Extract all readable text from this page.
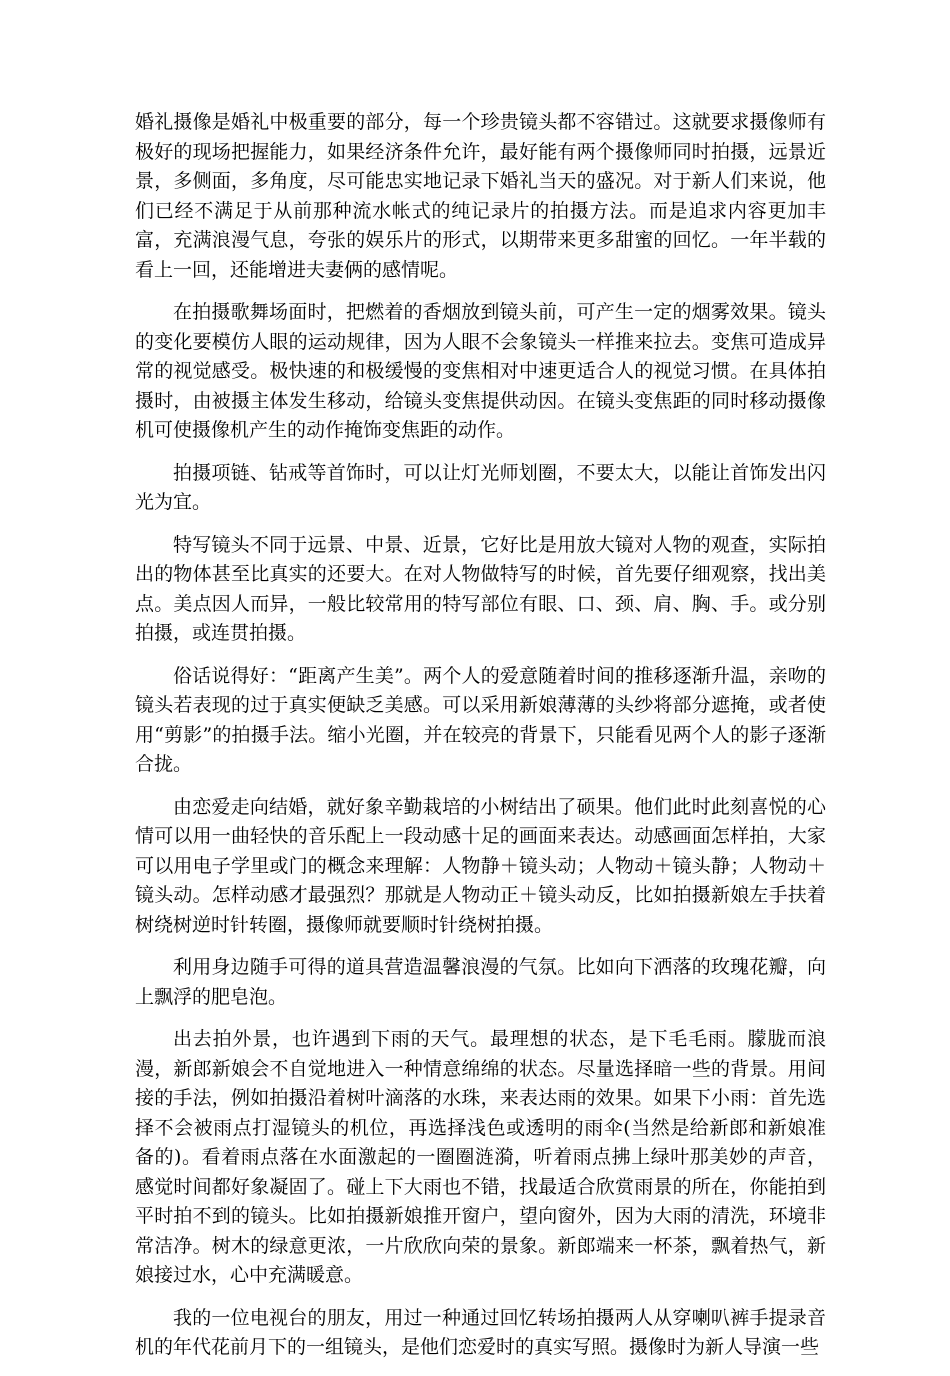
婚礼摄像是婚礼中极重要的部分，每一个珍贵镜头都不容错过。这就要求摄像师有极好的现场把握能力，如果经济条件允许，最好能有两个摄像师同时拍摄，远景近景，多侧面，多角度，尽可能忠实地记录下婚礼当天的盛况。对于新人们来说，他们已经不满足于从前那种流水帐式的纯记录片的拍摄方法。而是追求内容更加丰富，充满浪漫气息，夸张的娱乐片的形式，以期带来更多甜蜜的回忆。一年半载的看上一回，还能增进夫妻俩的感情呢。

在拍摄歌舞场面时，把燃着的香烟放到镜头前，可产生一定的烟雾效果。镜头的变化要模仿人眼的运动规律，因为人眼不会象镜头一样推来拉去。变焦可造成异常的视觉感受。极快速的和极缓慢的变焦相对中速更适合人的视觉习惯。在具体拍摄时，由被摄主体发生移动，给镜头变焦提供动因。在镜头变焦距的同时移动摄像机可使摄像机产生的动作掩饰变焦距的动作。

拍摄项链、钻戒等首饰时，可以让灯光师划圈，不要太大，以能让首饰发出闪光为宜。

特写镜头不同于远景、中景、近景，它好比是用放大镜对人物的观查，实际拍出的物体甚至比真实的还要大。在对人物做特写的时候，首先要仔细观察，找出美点。美点因人而异，一般比较常用的特写部位有眼、口、颈、肩、胸、手。或分别拍摄，或连贯拍摄。

俗话说得好：“距离产生美”。两个人的爱意随着时间的推移逐渐升温，亲吻的镜头若表现的过于真实便缺乏美感。可以采用新娘薄薄的头纱将部分遮掩，或者使用“剪影”的拍摄手法。缩小光圈，并在较亮的背景下，只能看见两个人的影子逐渐合拢。

由恋爱走向结婚，就好象辛勤栽培的小树结出了硕果。他们此时此刻喜悦的心情可以用一曲轻快的音乐配上一段动感十足的画面来表达。动感画面怎样拍，大家可以用电子学里或门的概念来理解：人物静＋镜头动；人物动＋镜头静；人物动＋镜头动。怎样动感才最强烈？那就是人物动正＋镜头动反，比如拍摄新娘左手扶着树绕树逆时针转圈，摄像师就要顺时针绕树拍摄。

利用身边随手可得的道具营造温馨浪漫的气氛。比如向下洒落的玫瑰花瓣，向上飘浮的肥皂泡。

出去拍外景，也许遇到下雨的天气。最理想的状态，是下毛毛雨。朦胧而浪漫，新郎新娘会不自觉地进入一种情意绵绵的状态。尽量选择暗一些的背景。用间接的手法，例如拍摄沿着树叶滴落的水珠，来表达雨的效果。如果下小雨：首先选择不会被雨点打湿镜头的机位，再选择浅色或透明的雨伞(当然是给新郎和新娘准备的)。看着雨点落在水面激起的一圈圈涟漪，听着雨点拂上绿叶那美妙的声音，感觉时间都好象凝固了。碰上下大雨也不错，找最适合欣赏雨景的所在，你能拍到平时拍不到的镜头。比如拍摄新娘推开窗户，望向窗外，因为大雨的清洗，环境非常洁净。树木的绿意更浓，一片欣欣向荣的景象。新郎端来一杯茶，飘着热气，新娘接过水，心中充满暖意。

我的一位电视台的朋友，用过一种通过回忆转场拍摄两人从穿喇叭裤手提录音机的年代花前月下的一组镜头，是他们恋爱时的真实写照。摄像时为新人导演一些
